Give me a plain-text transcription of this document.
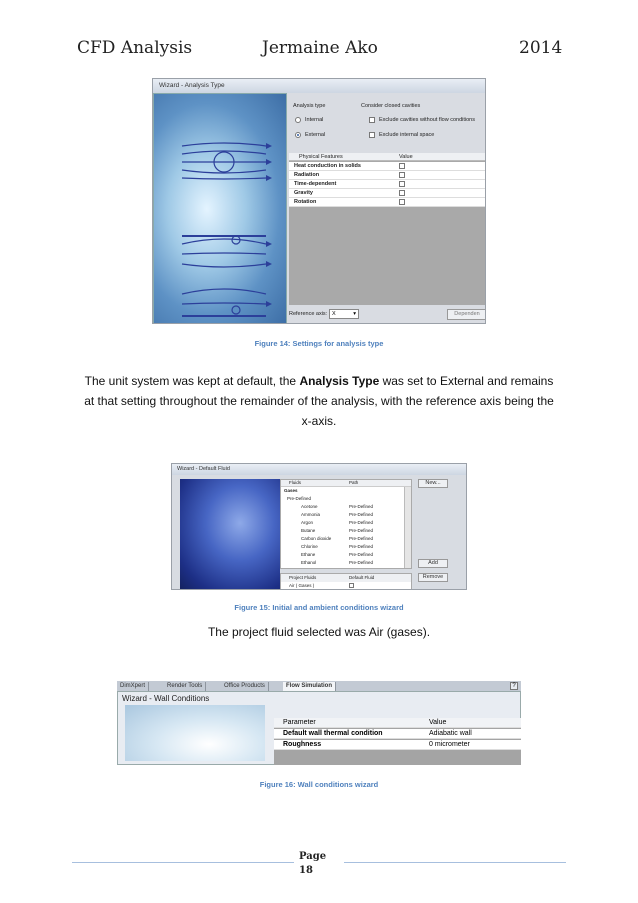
CFD Analysis	Jermaine Ako	2014
Wizard - Analysis Type
Analysis type
Internal
External
Consider closed cavities
Exclude cavities without flow conditions
Exclude internal space
Physical Features	Value
Heat conduction in solids
Radiation
Time-dependent
Gravity
Rotation
Reference axis: X	▾	Dependen
Figure 14: Settings for analysis type
The unit system was kept at default, the Analysis Type was set to External and remains at that setting throughout the remainder of the analysis, with the reference axis being the x-axis.
Wizard - Default Fluid
Fluids	Path
Gases
Pre-Defined
Acetone	Pre-Defined
Ammonia	Pre-Defined
Argon	Pre-Defined
Butane	Pre-Defined
Carbon dioxide	Pre-Defined
Chlorine	Pre-Defined
Ethane	Pre-Defined
Ethanol	Pre-Defined
New...
Add
Remove
Project Fluids	Default Fluid
Air ( Gases )
Figure 15: Initial and ambient conditions wizard
The project fluid selected was Air (gases).
DimXpert	Render Tools	Office Products	Flow Simulation	?
Wizard - Wall Conditions
Parameter	Value
Default wall thermal condition	Adiabatic wall
Roughness	0 micrometer
Figure 16: Wall conditions wizard
Page
18
